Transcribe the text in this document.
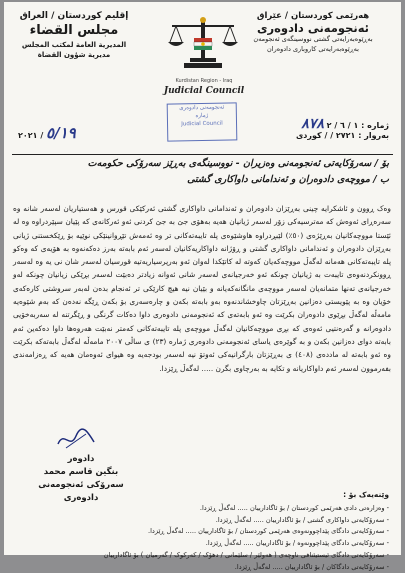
هەرێمی کوردستان / عێراق
ئەنجومەنی دادوەری
بەڕێوەبەرایەتی گشتی نووسینگەی ئەنجومەن
بەڕێوەبەرایەتی کاروباری دادوەران
إقليم كوردستان / العراق
مجلس القضاء
المديرية العامة لمكتب المجلس
مديرية شؤون القضاة
Kurdistan Region - Iraq
Judicial Council
ئەنجومەنی دادوەری
ژمارە
Judicial Council	ژمارە : ١ / ٦ / ٢ ٨٧٨
بەروار : ٢٧٢١ / / کوردی
٥/١٩ / ٢٠٢١
بۆ / سەرۆکایەتی ئەنجومەنی وەزیران - نووسینگەی بەڕێز سەرۆکی حکومەت
ب / مووچەی دادوەران و ئەندامانی داواکاری گشتی
وەک ڕوون و ئاشکرایە چینی بەڕێزان دادوەران و ئەندامانی داواکاری گشتی ئەرکێکی قورس و هەستیاریان لەسەر شانە وە سەرەڕای ئەوەش کە مەترسیەکی زۆر لەسەر ژیانیان هەیە بەهۆی جێ بە جێ کردنی ئەو ئەرکانەی کە پێیان سپێردراوە وە لە ئێستا مووچەکانیان بەڕێژەی (٥٠٪) لێبڕدراوە هاوشێوەی پلە تایبەتەکانی تر وە ئەمەش تێڕوانینێکی نوێیە بۆ ڕێکخستنی ژیانی بەڕێزان دادوەران و ئەندامانی داواکاری گشتی و ڕۆژانە داواکاریەکانیان لەسەر ئەم بابەتە بەرز دەکەنەوە بە هۆیەی کە وەکو پلە تایبەتەکانی هەمانە لەگەڵ مووچەکەیان کەوتە لە کاتێکدا لەوان ئەو بەرپرسیاریەتیە قورسیان لەسەر شان نی یە وە لەسەر ڕوونکردنەوەی تایبەت بە ژیانیان چونکە ئەو خەرجیانەی لەسەر شانی ئەوانە زیادتر دەبێت لەسەر بڕێکی زیانیان چونکە لەو خەرجیانەی تەنها متمانەیان لەسەر مووچەی مانگانەکەیانە و بێیان نیە هیچ کارێکی تر ئەنجام بدەن لەبەر سروشتی کارەکەی خۆیان وە بە پێویستی دەزانین بەڕێزتان چاوخشاندنەوە بەو بابەتە بکەن و چارەسەری بۆ بکەن ڕێگە نەدەن کە بەم شێوەیە مامەڵە لەگەڵ بڕێوی دادوەران بکرێت وە ئەو بابەتەی کە ئەنجومەنی دادوەری داوا دەکات گرنگی و ڕێگرتنە لە سەربەخۆیی دادوەرانە و گەرەنتیی ئەوەی کە بڕی مووچەکانیان لەگەڵ مووچەی پلە تایبەتەکانی کەمتر نەبێت هەروەها داوا دەکەین ئەم بابەتە دوای دەزانین بکەن و بە گوێرەی یاسای ئەنجومەنی دادوەری ژمارە (٢٣) ی ساڵی ٢٠٠٧ مامەڵە لەگەڵ بابەتەکە بکرێت وە ئەو بابەتە لە ماددەی (٤٠٨) ی بەڕێزتان بارگرانیەکی ئەوتۆ نیە لەسەر بودجەیە وە هیوای ئەوەمان هەیە کە ڕەزامەندی بفەرموون لەسەر ئەم داواکاریانە و تکایە بە بەرچاوی بگرن ..... لەگەڵ ڕێزدا.
دادوەر
بنگین قاسم محمد
سەرۆکی ئەنجومەنی دادوەری	وێنەیەک بۆ :
- وەزارەتی دادی هەرێمی کوردستان / بۆ ئاگادارییان ..... لەگەڵ ڕێزدا.
- سەرۆکایەتی داواکاری گشتی / بۆ ئاگادارییان ..... لەگەڵ ڕێزدا.
- سەرۆکایەتی دادگای پێداچوونەوەی هەرێمی کوردستان / بۆ ئاگادارییان ..... لەگەڵ ڕێزدا.
- سەرۆکایەتی دادگای پێداچوونەوە / بۆ ئاگادارییان ..... لەگەڵ ڕێزدا.
- سەرۆکایەتی دادگای ئیستیئنافی ناوچەی ( هەولێر / سلێمانی / دهۆک / کەرکوک / گەرمیان ) بۆ ئاگادارییان
- سەرۆکایەتی دادگاکان / بۆ ئاگادارییان ..... لەگەڵ ڕێزدا.
